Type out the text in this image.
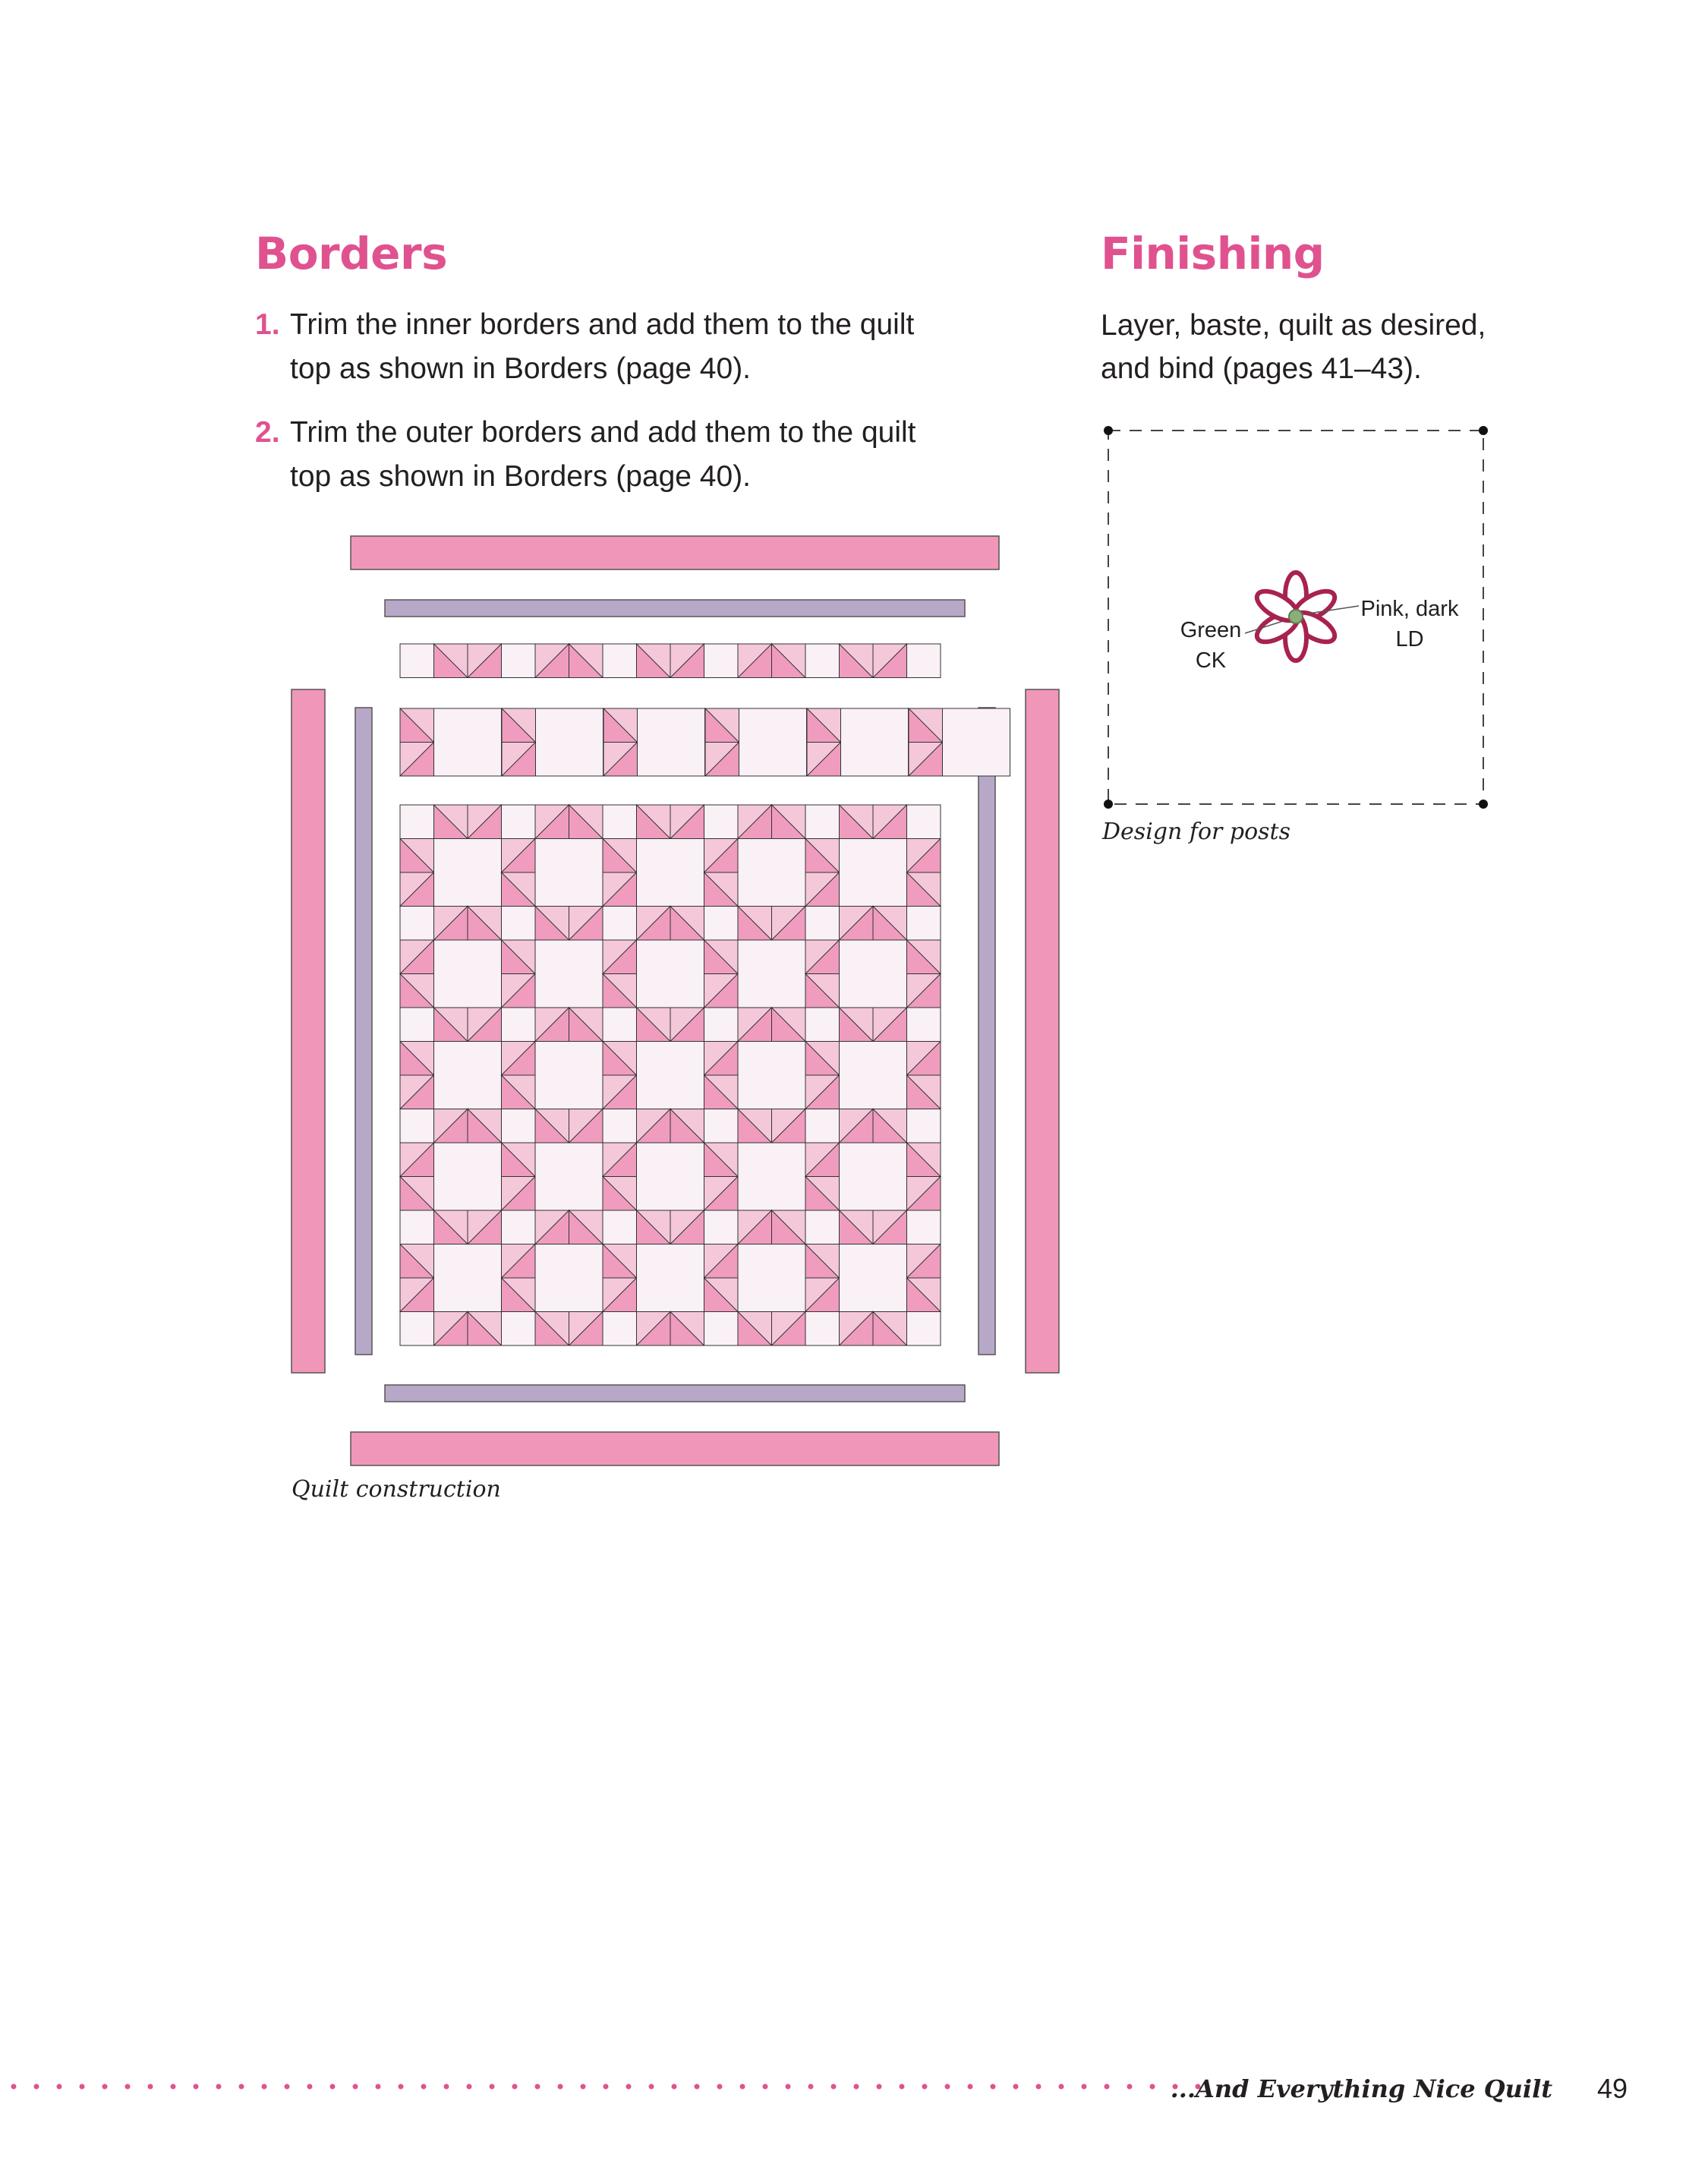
Borders
1. Trim the inner borders and add them to the quilt top as shown in Borders (page 40).
2. Trim the outer borders and add them to the quilt top as shown in Borders (page 40).
Finishing

Layer, baste, quilt as desired, and bind (pages 41–43).

Quilt construction
Design for posts
Green
CK
Pink, dark
LD
...And Everything Nice Quilt 49
